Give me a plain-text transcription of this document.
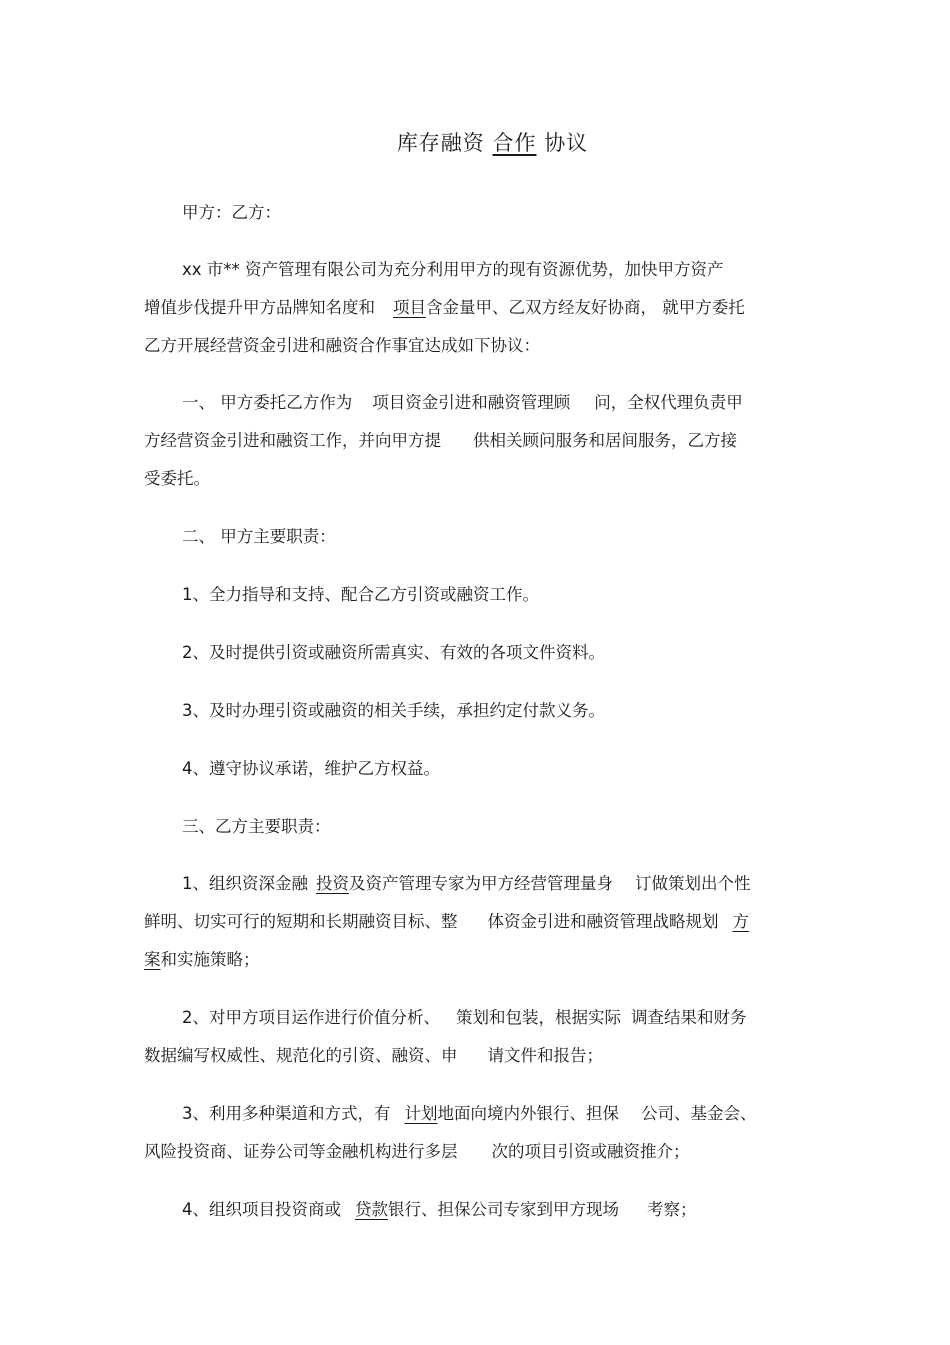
库存融资 合作 协议
甲方：乙方：
xx 市** 资产管理有限公司为充分利用甲方的现有资源优势，加快甲方资产
增值步伐提升甲方品牌知名度和 项目含金量甲、乙双方经友好协商， 就甲方委托
乙方开展经营资金引进和融资合作事宜达成如下协议：
一、 甲方委托乙方作为 项目资金引进和融资管理顾 问，全权代理负责甲
方经营资金引进和融资工作，并向甲方提 供相关顾问服务和居间服务，乙方接
受委托。
二、 甲方主要职责：
1、全力指导和支持、配合乙方引资或融资工作。
2、及时提供引资或融资所需真实、有效的各项文件资料。
3、及时办理引资或融资的相关手续，承担约定付款义务。
4、遵守协议承诺，维护乙方权益。
三、乙方主要职责：
1、组织资深金融 投资及资产管理专家为甲方经营管理量身 订做策划出个性
鲜明、切实可行的短期和长期融资目标、整 体资金引进和融资管理战略规划 方
案和实施策略；
2、对甲方项目运作进行价值分析、 策划和包装，根据实际 调查结果和财务
数据编写权威性、规范化的引资、融资、申 请文件和报告；
3、利用多种渠道和方式，有 计划地面向境内外银行、担保 公司、基金会、
风险投资商、证券公司等金融机构进行多层 次的项目引资或融资推介；
4、组织项目投资商或 贷款银行、担保公司专家到甲方现场 考察；
